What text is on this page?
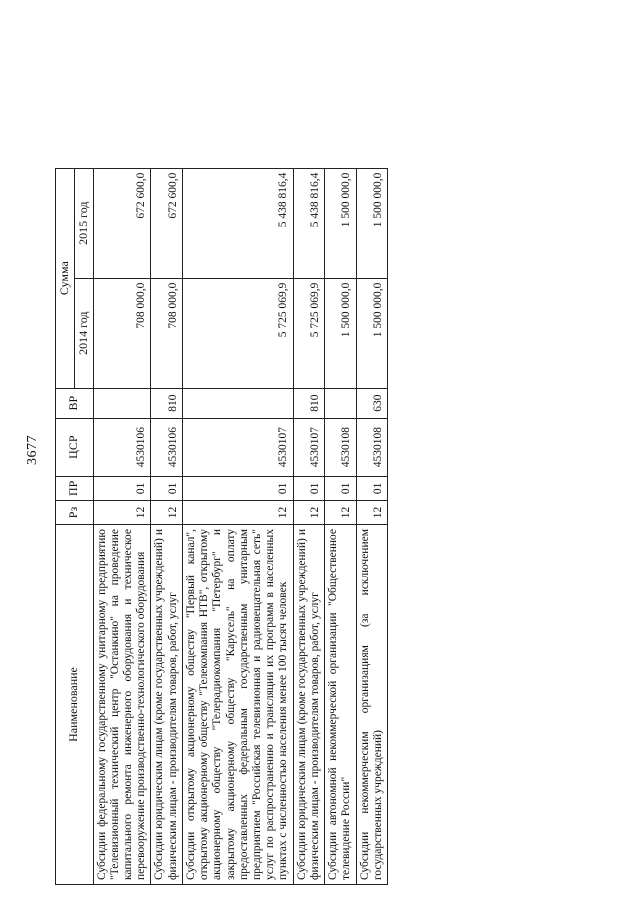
3677
Наименование	Рз	ПР	ЦСР	ВР	Сумма	
					2014 год	2015 год
Субсидии федеральному государственному унитарному предприятию "Телевизионный технический центр "Останкино" на проведение капитального ремонта инженерного оборудования и техническое перевооружение производственно-технологического оборудования	12	01	4530106		708 000,0	672 600,0
Субсидии юридическим лицам (кроме государственных учреждений) и физическим лицам - производителям товаров, работ, услуг	12	01	4530106	810	708 000,0	672 600,0
Субсидии открытому акционерному обществу "Первый канал", открытому акционерному обществу "Телекомпания НТВ", открытому акционерному обществу "Телерадиокомпания "Петербург" и закрытому акционерному обществу "Карусель" на оплату предоставленных федеральным государственным унитарным предприятием "Российская телевизионная и радиовещательная сеть" услуг по распространению и трансляции их программ в населенных пунктах с численностью населения менее 100 тысяч человек	12	01	4530107		5 725 069,9	5 438 816,4
Субсидии юридическим лицам (кроме государственных учреждений) и физическим лицам - производителям товаров, работ, услуг	12	01	4530107	810	5 725 069,9	5 438 816,4
Субсидии автономной некоммерческой организации "Общественное телевидение России"	12	01	4530108		1 500 000,0	1 500 000,0
Субсидии некоммерческим организациям (за исключением государственных учреждений)	12	01	4530108	630	1 500 000,0	1 500 000,0
